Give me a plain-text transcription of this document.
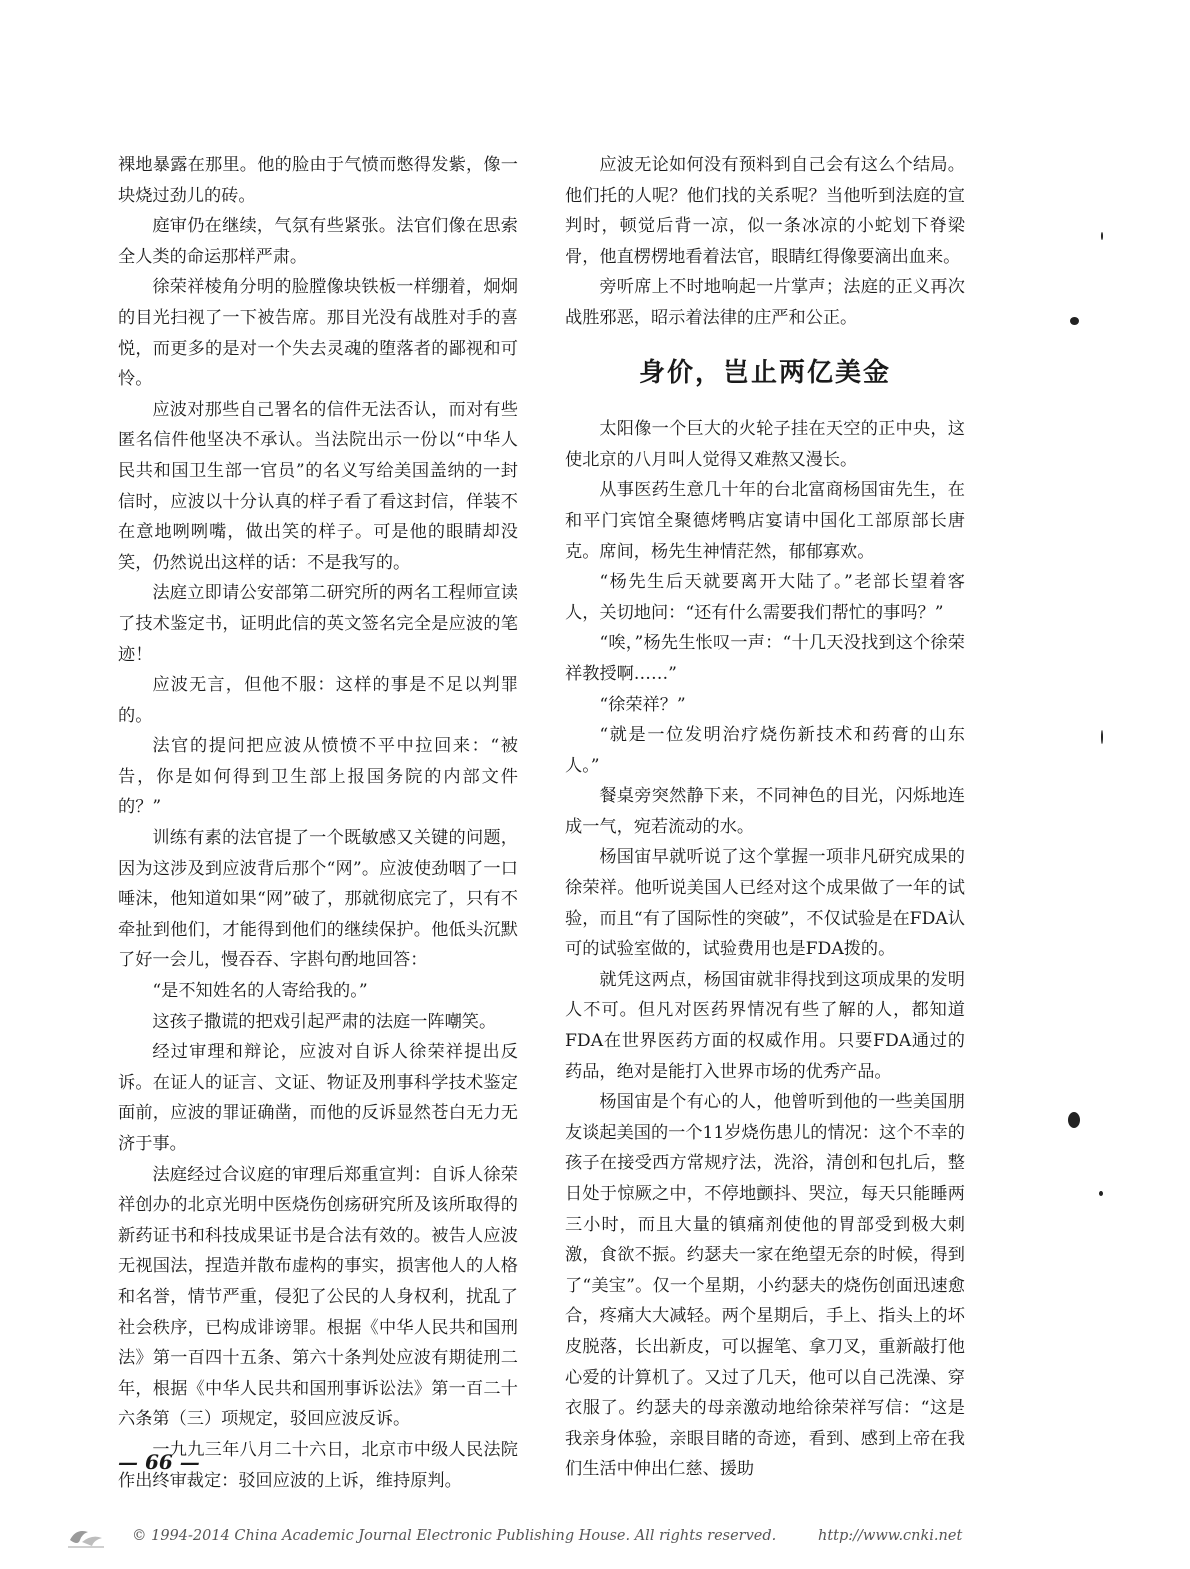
裸地暴露在那里。他的脸由于气愤而憋得发紫，像一块烧过劲儿的砖。

庭审仍在继续，气氛有些紧张。法官们像在思索全人类的命运那样严肃。

徐荣祥棱角分明的脸膛像块铁板一样绷着，炯炯的目光扫视了一下被告席。那目光没有战胜对手的喜悦，而更多的是对一个失去灵魂的堕落者的鄙视和可怜。

应波对那些自己署名的信件无法否认，而对有些匿名信件他坚决不承认。当法院出示一份以“中华人民共和国卫生部一官员”的名义写给美国盖纳的一封信时，应波以十分认真的样子看了看这封信，佯装不在意地咧咧嘴，做出笑的样子。可是他的眼睛却没笑，仍然说出这样的话：不是我写的。

法庭立即请公安部第二研究所的两名工程师宣读了技术鉴定书，证明此信的英文签名完全是应波的笔迹！

应波无言，但他不服：这样的事是不足以判罪的。

法官的提问把应波从愤愤不平中拉回来：“被告，你是如何得到卫生部上报国务院的内部文件的？”

训练有素的法官提了一个既敏感又关键的问题，因为这涉及到应波背后那个“网”。应波使劲咽了一口唾沫，他知道如果“网”破了，那就彻底完了，只有不牵扯到他们，才能得到他们的继续保护。他低头沉默了好一会儿，慢吞吞、字斟句酌地回答：

“是不知姓名的人寄给我的。”

这孩子撒谎的把戏引起严肃的法庭一阵嘲笑。

经过审理和辩论，应波对自诉人徐荣祥提出反诉。在证人的证言、文证、物证及刑事科学技术鉴定面前，应波的罪证确凿，而他的反诉显然苍白无力无济于事。

法庭经过合议庭的审理后郑重宣判：自诉人徐荣祥创办的北京光明中医烧伤创疡研究所及该所取得的新药证书和科技成果证书是合法有效的。被告人应波无视国法，捏造并散布虚构的事实，损害他人的人格和名誉，情节严重，侵犯了公民的人身权利，扰乱了社会秩序，已构成诽谤罪。根据《中华人民共和国刑法》第一百四十五条、第六十条判处应波有期徒刑二年，根据《中华人民共和国刑事诉讼法》第一百二十六条第（三）项规定，驳回应波反诉。

一九九三年八月二十六日，北京市中级人民法院作出终审裁定：驳回应波的上诉，维持原判。

应波无论如何没有预料到自己会有这么个结局。他们托的人呢？他们找的关系呢？当他听到法庭的宣判时，顿觉后背一凉，似一条冰凉的小蛇划下脊梁骨，他直楞楞地看着法官，眼睛红得像要滴出血来。

旁听席上不时地响起一片掌声；法庭的正义再次战胜邪恶，昭示着法律的庄严和公正。

身价，岂止两亿美金

太阳像一个巨大的火轮子挂在天空的正中央，这使北京的八月叫人觉得又难熬又漫长。

从事医药生意几十年的台北富商杨国宙先生，在和平门宾馆全聚德烤鸭店宴请中国化工部原部长唐克。席间，杨先生神情茫然，郁郁寡欢。

“杨先生后天就要离开大陆了。”老部长望着客人，关切地问：“还有什么需要我们帮忙的事吗？”

“唉，”杨先生怅叹一声：“十几天没找到这个徐荣祥教授啊……”

“徐荣祥？”

“就是一位发明治疗烧伤新技术和药膏的山东人。”

餐桌旁突然静下来，不同神色的目光，闪烁地连成一气，宛若流动的水。

杨国宙早就听说了这个掌握一项非凡研究成果的徐荣祥。他听说美国人已经对这个成果做了一年的试验，而且“有了国际性的突破”，不仅试验是在FDA认可的试验室做的，试验费用也是FDA拨的。

就凭这两点，杨国宙就非得找到这项成果的发明人不可。但凡对医药界情况有些了解的人，都知道FDA在世界医药方面的权威作用。只要FDA通过的药品，绝对是能打入世界市场的优秀产品。

杨国宙是个有心的人，他曾听到他的一些美国朋友谈起美国的一个11岁烧伤患儿的情况：这个不幸的孩子在接受西方常规疗法，洗浴，清创和包扎后，整日处于惊厥之中，不停地颤抖、哭泣，每天只能睡两三小时，而且大量的镇痛剂使他的胃部受到极大刺激，食欲不振。约瑟夫一家在绝望无奈的时候，得到了“美宝”。仅一个星期，小约瑟夫的烧伤创面迅速愈合，疼痛大大减轻。两个星期后，手上、指头上的坏皮脱落，长出新皮，可以握笔、拿刀叉，重新敲打他心爱的计算机了。又过了几天，他可以自己洗澡、穿衣服了。约瑟夫的母亲激动地给徐荣祥写信：“这是我亲身体验，亲眼目睹的奇迹，看到、感到上帝在我们生活中伸出仁慈、援助

— 66 —
© 1994-2014 China Academic Journal Electronic Publishing House. All rights reserved.	http://www.cnki.net
